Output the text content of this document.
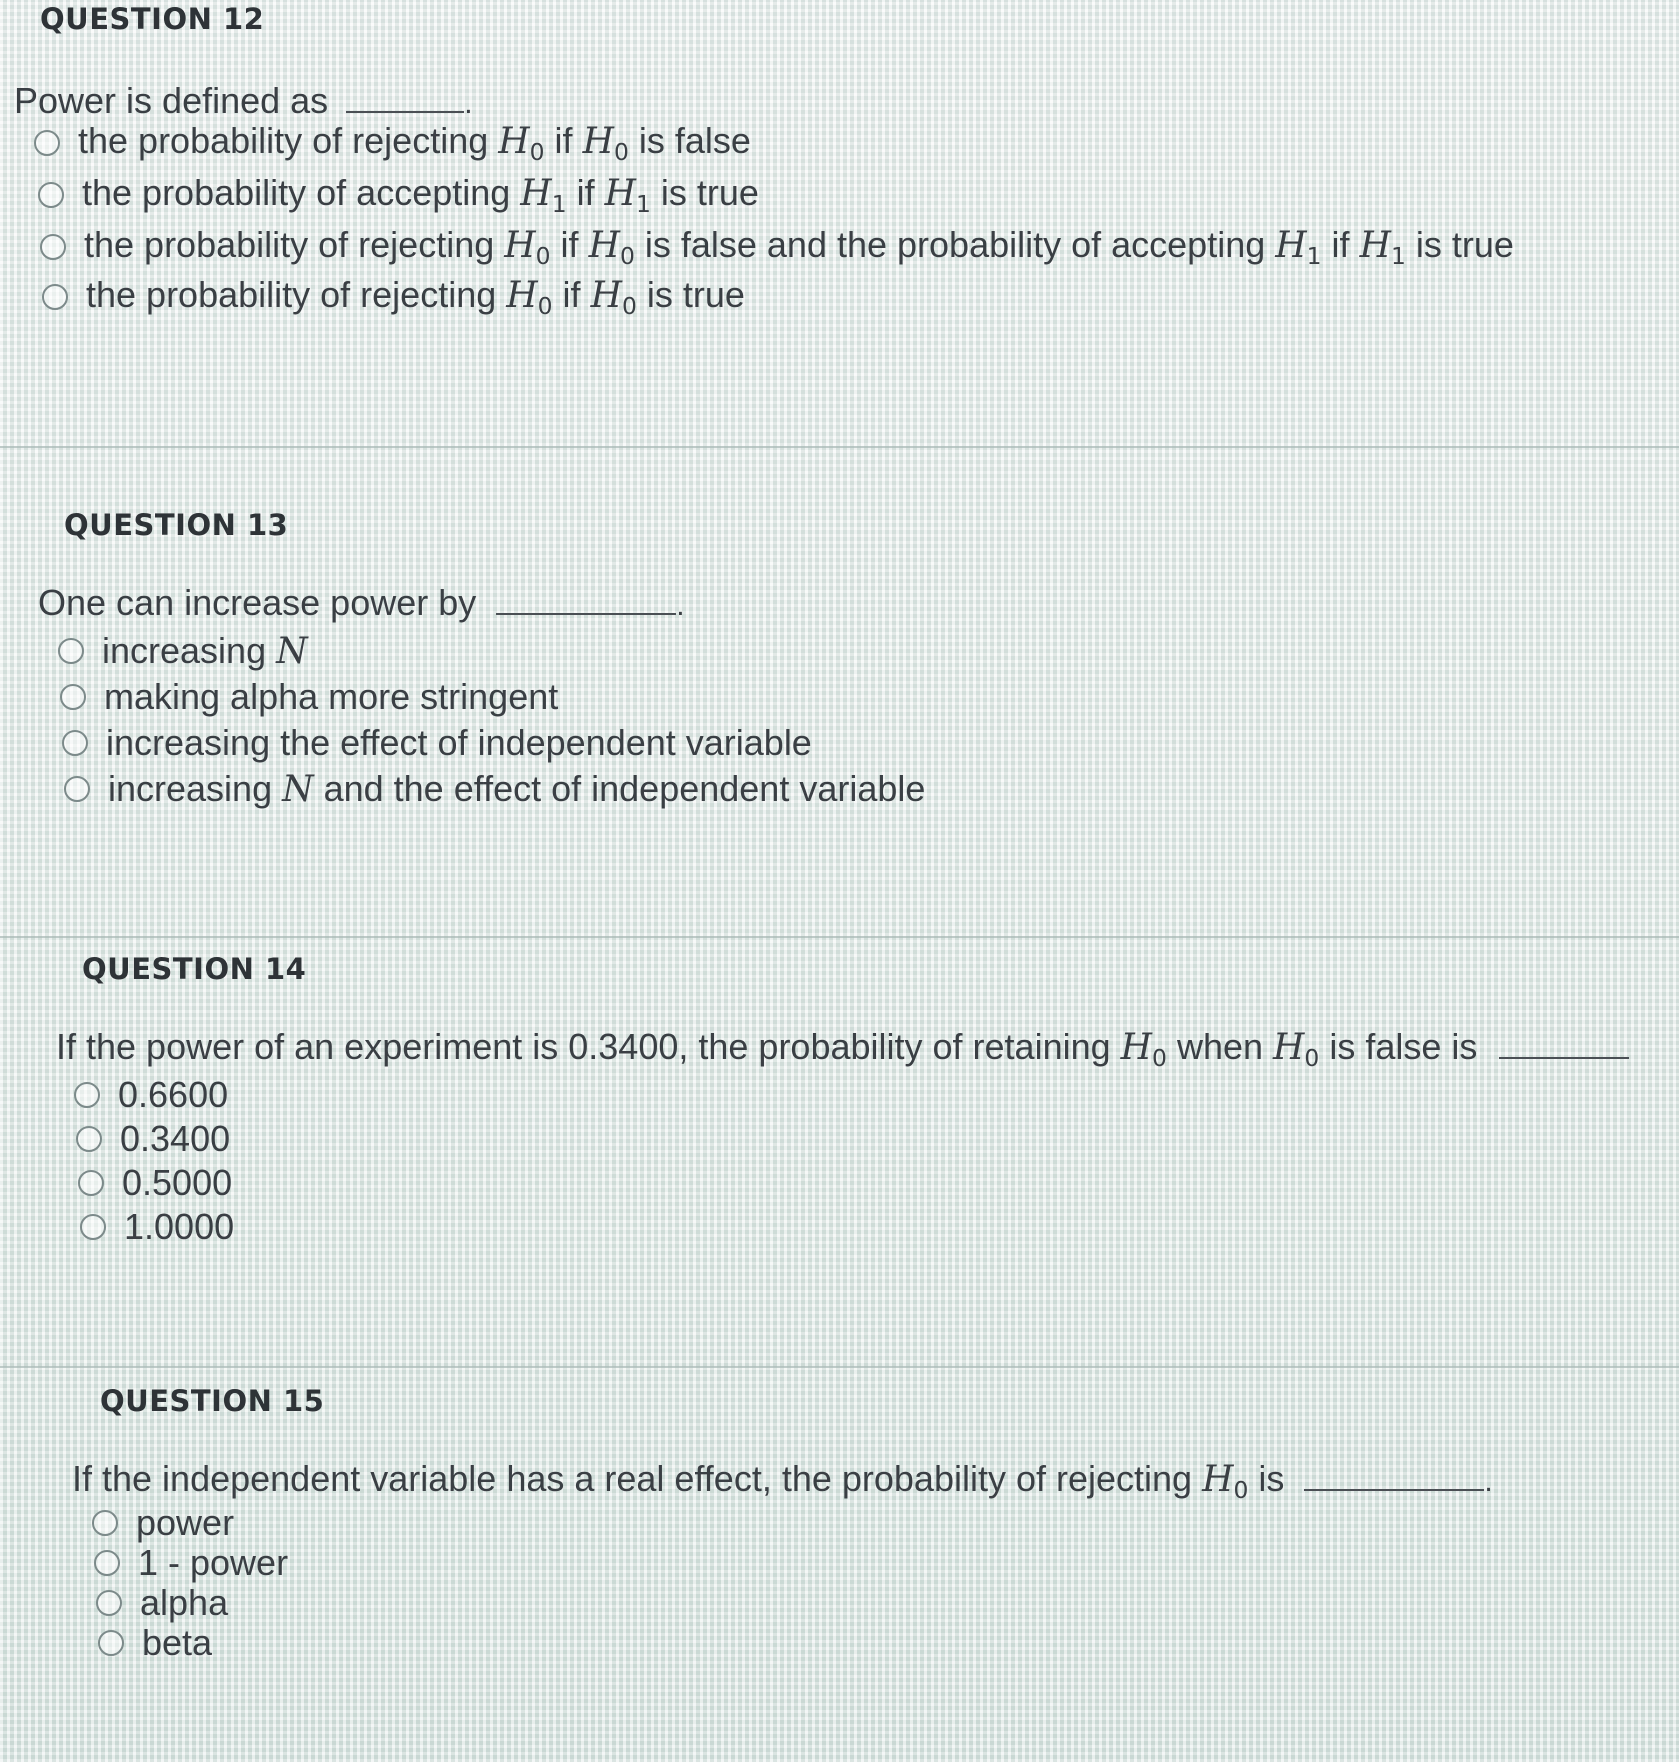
QUESTION 12
Power is defined as	.
the probability of rejecting $H_0$ if $H_0$ is false
the probability of accepting $H_1$ if $H_1$ is true
the probability of rejecting $H_0$ if $H_0$ is false and the probability of accepting $H_1$ if $H_1$ is true
the probability of rejecting $H_0$ if $H_0$ is true
QUESTION 13
One can increase power by	.
increasing N
making alpha more stringent
increasing the effect of independent variable
increasing N and the effect of independent variable
QUESTION 14
If the power of an experiment is 0.3400, the probability of retaining $H_0$ when $H_0$ is false is
0.6600
0.3400
0.5000
1.0000
QUESTION 15
If the independent variable has a real effect, the probability of rejecting $H_0$ is	.
power
1 - power
alpha
beta
